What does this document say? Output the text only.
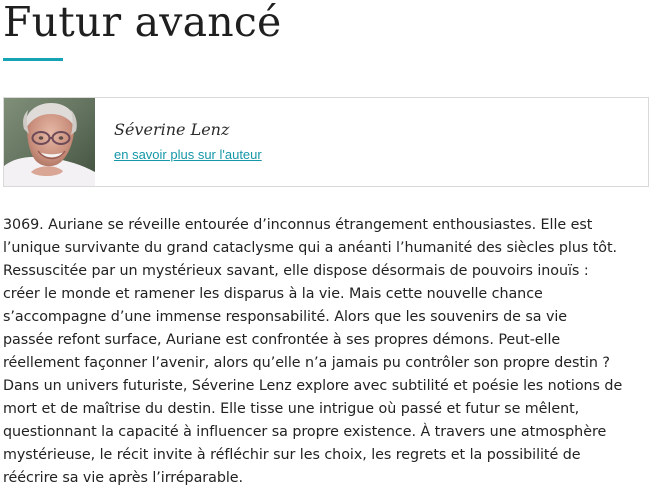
Futur avancé
Séverine Lenz
en savoir plus sur l'auteur
3069. Auriane se réveille entourée d’inconnus étrangement enthousiastes. Elle est
l’unique survivante du grand cataclysme qui a anéanti l’humanité des siècles plus tôt.
Ressuscitée par un mystérieux savant, elle dispose désormais de pouvoirs inouïs :
créer le monde et ramener les disparus à la vie. Mais cette nouvelle chance
s’accompagne d’une immense responsabilité. Alors que les souvenirs de sa vie
passée refont surface, Auriane est confrontée à ses propres démons. Peut-elle
réellement façonner l’avenir, alors qu’elle n’a jamais pu contrôler son propre destin ?
Dans un univers futuriste, Séverine Lenz explore avec subtilité et poésie les notions de
mort et de maîtrise du destin. Elle tisse une intrigue où passé et futur se mêlent,
questionnant la capacité à influencer sa propre existence. À travers une atmosphère
mystérieuse, le récit invite à réfléchir sur les choix, les regrets et la possibilité de
réécrire sa vie après l’irréparable.
